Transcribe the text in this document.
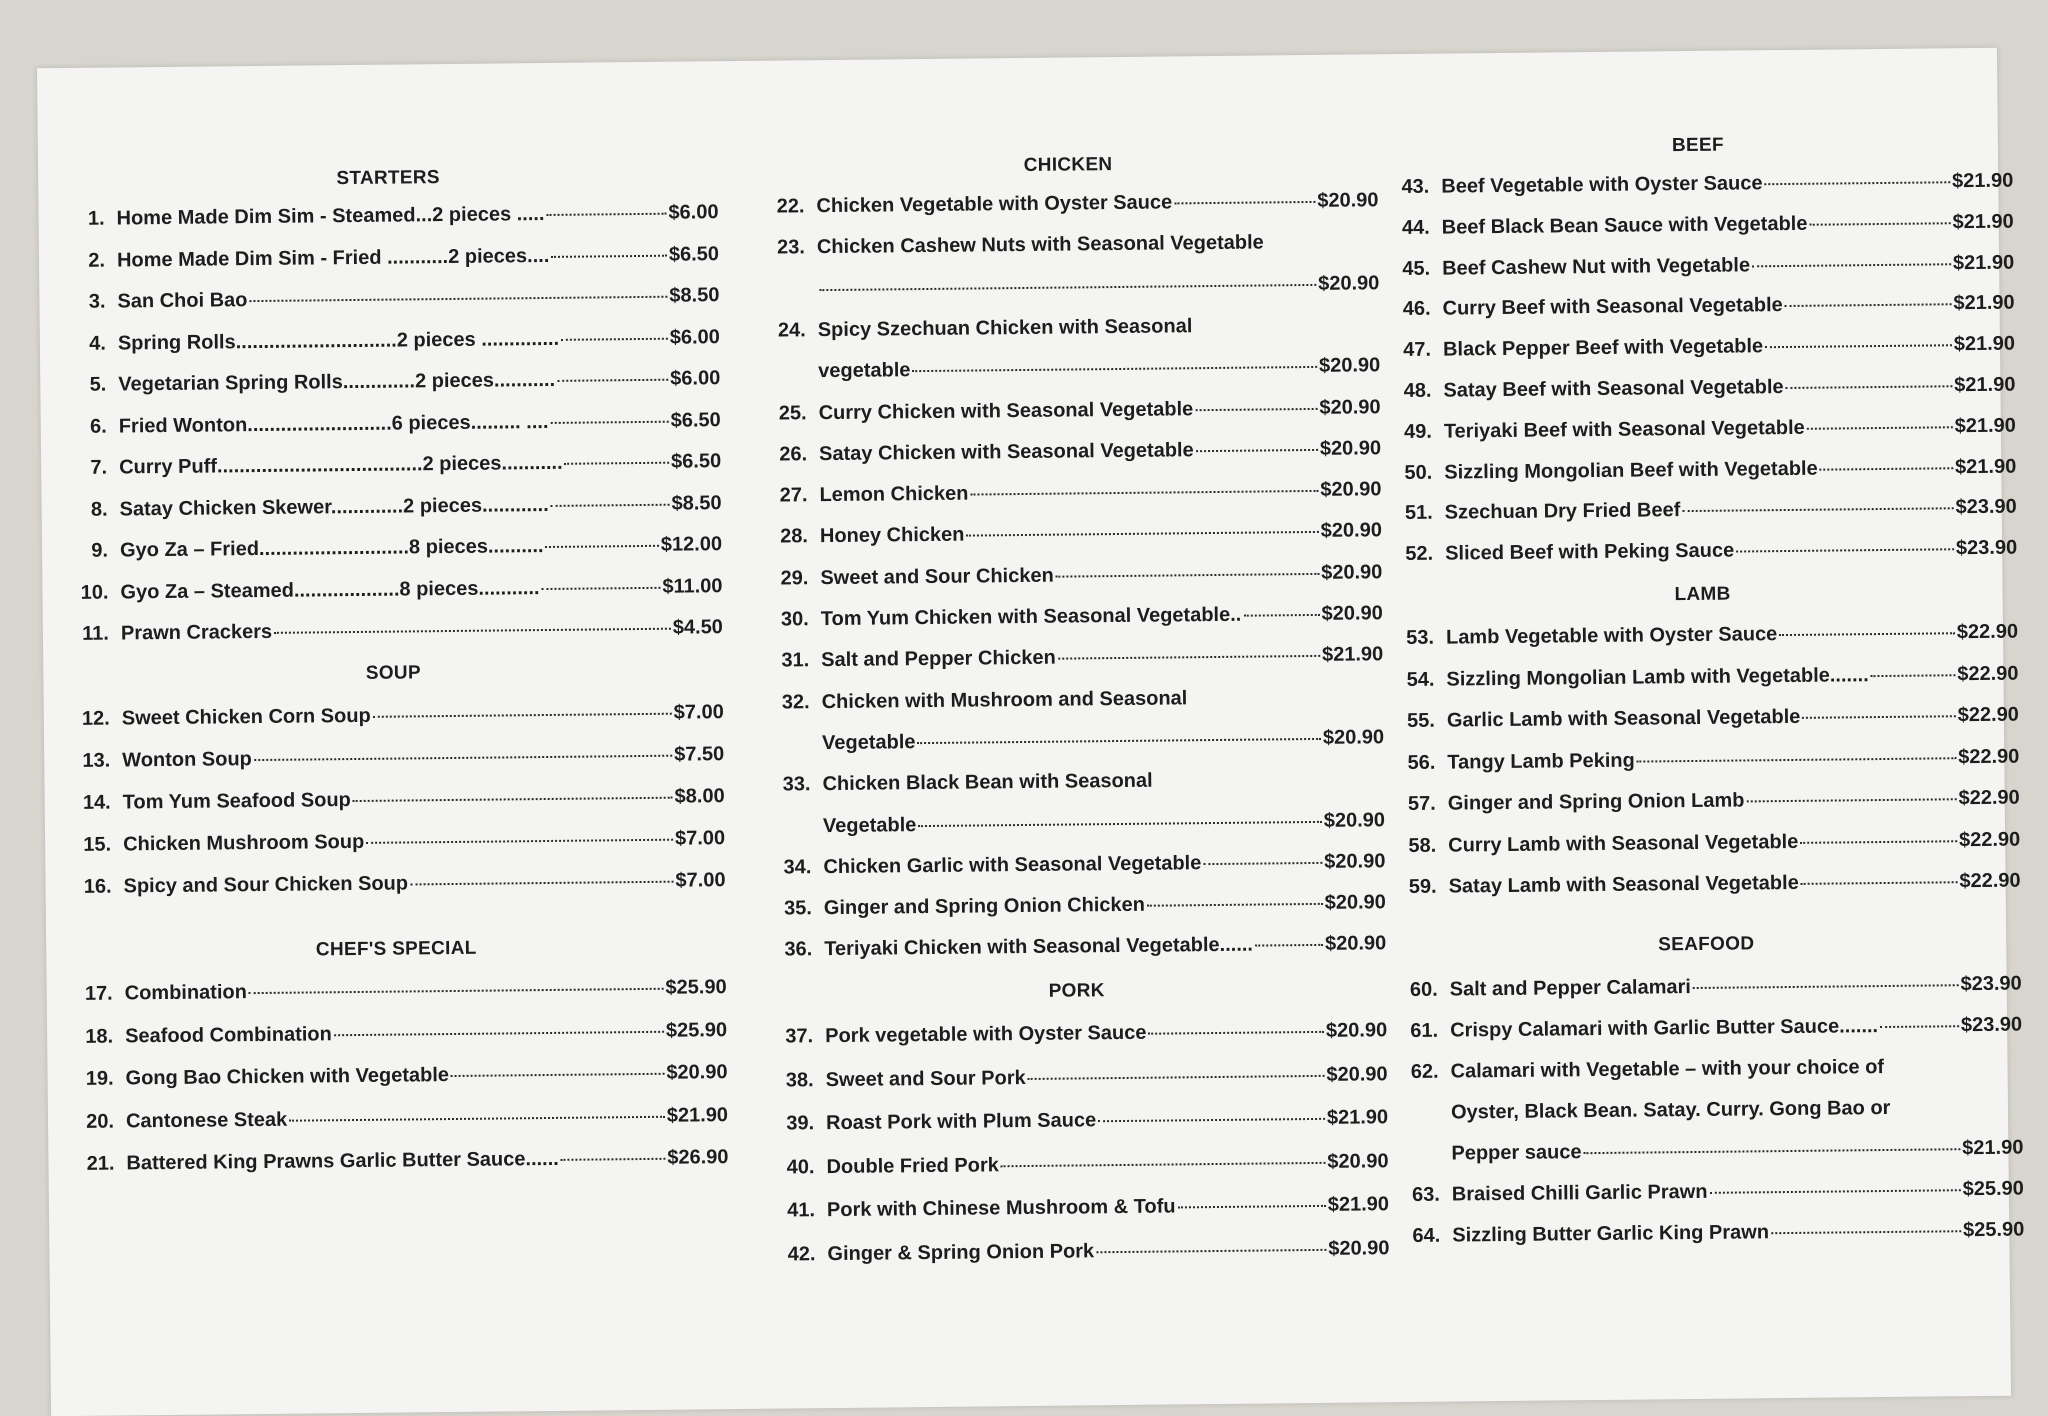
STARTERS
1. Home Made Dim Sim - Steamed...2 pieces .....	$6.00
2. Home Made Dim Sim - Fried ...........2 pieces....	$6.50
3. San Choi Bao	$8.50
4. Spring Rolls.............................2 pieces ..............	$6.00
5. Vegetarian Spring Rolls.............2 pieces...........	$6.00
6. Fried Wonton..........................6 pieces......... ....	$6.50
7. Curry Puff.....................................2 pieces...........	$6.50
8. Satay Chicken Skewer.............2 pieces............	$8.50
9. Gyo Za – Fried...........................8 pieces..........	$12.00
10. Gyo Za – Steamed...................8 pieces...........	$11.00
11. Prawn Crackers	$4.50
SOUP
12. Sweet Chicken Corn Soup	$7.00
13. Wonton Soup	$7.50
14. Tom Yum Seafood Soup	$8.00
15. Chicken Mushroom Soup	$7.00
16. Spicy and Sour Chicken Soup	$7.00
CHEF'S SPECIAL
17. Combination	$25.90
18. Seafood Combination	$25.90
19. Gong Bao Chicken with Vegetable	$20.90
20. Cantonese Steak	$21.90
21. Battered King Prawns Garlic Butter Sauce......	$26.90
CHICKEN
22. Chicken Vegetable with Oyster Sauce	$20.90
23. Chicken Cashew Nuts with Seasonal Vegetable
$20.90
24. Spicy Szechuan Chicken with Seasonal
vegetable	$20.90
25. Curry Chicken with Seasonal Vegetable	$20.90
26. Satay Chicken with Seasonal Vegetable	$20.90
27. Lemon Chicken	$20.90
28. Honey Chicken	$20.90
29. Sweet and Sour Chicken	$20.90
30. Tom Yum Chicken with Seasonal Vegetable..	$20.90
31. Salt and Pepper Chicken	$21.90
32. Chicken with Mushroom and Seasonal
Vegetable	$20.90
33. Chicken Black Bean with Seasonal
Vegetable	$20.90
34. Chicken Garlic with Seasonal Vegetable	$20.90
35. Ginger and Spring Onion Chicken	$20.90
36. Teriyaki Chicken with Seasonal Vegetable......	$20.90
PORK
37. Pork vegetable with Oyster Sauce	$20.90
38. Sweet and Sour Pork	$20.90
39. Roast Pork with Plum Sauce	$21.90
40. Double Fried Pork	$20.90
41. Pork with Chinese Mushroom & Tofu	$21.90
42. Ginger & Spring Onion Pork	$20.90
BEEF
43. Beef Vegetable with Oyster Sauce	$21.90
44. Beef Black Bean Sauce with Vegetable	$21.90
45. Beef Cashew Nut with Vegetable	$21.90
46. Curry Beef with Seasonal Vegetable	$21.90
47. Black Pepper Beef with Vegetable	$21.90
48. Satay Beef with Seasonal Vegetable	$21.90
49. Teriyaki Beef with Seasonal Vegetable	$21.90
50. Sizzling Mongolian Beef with Vegetable	$21.90
51. Szechuan Dry Fried Beef	$23.90
52. Sliced Beef with Peking Sauce	$23.90
LAMB
53. Lamb Vegetable with Oyster Sauce	$22.90
54. Sizzling Mongolian Lamb with Vegetable.......	$22.90
55. Garlic Lamb with Seasonal Vegetable	$22.90
56. Tangy Lamb Peking	$22.90
57. Ginger and Spring Onion Lamb	$22.90
58. Curry Lamb with Seasonal Vegetable	$22.90
59. Satay Lamb with Seasonal Vegetable	$22.90
SEAFOOD
60. Salt and Pepper Calamari	$23.90
61. Crispy Calamari with Garlic Butter Sauce.......	$23.90
62. Calamari with Vegetable – with your choice of
Oyster, Black Bean. Satay. Curry. Gong Bao or
Pepper sauce	$21.90
63. Braised Chilli Garlic Prawn	$25.90
64. Sizzling Butter Garlic King Prawn	$25.90
